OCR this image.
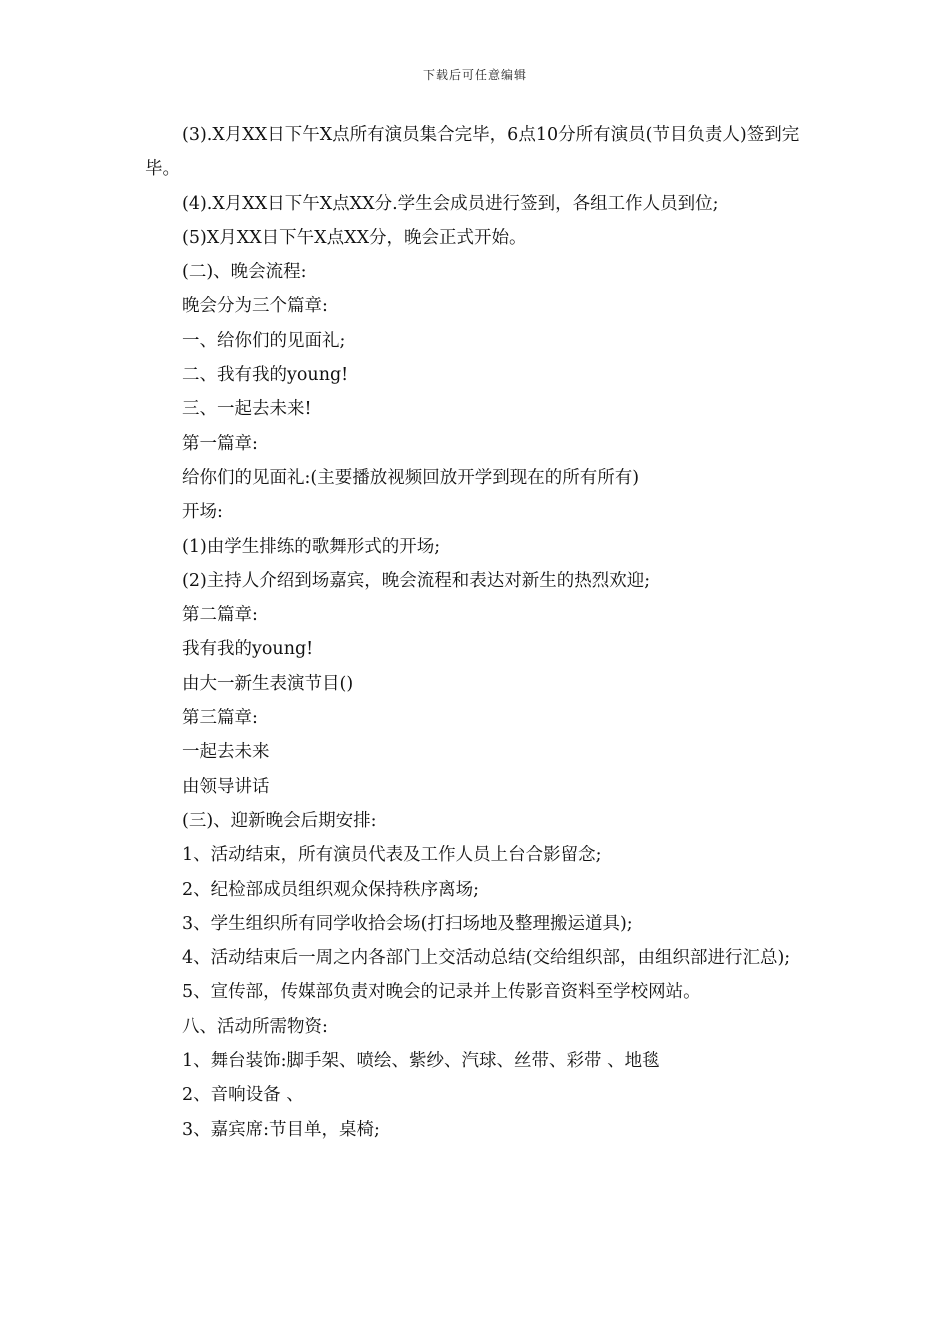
下载后可任意编辑

(3).X月XX日下午X点所有演员集合完毕，6点10分所有演员(节目负责人)签到完毕。

(4).X月XX日下午X点XX分.学生会成员进行签到，各组工作人员到位;

(5)X月XX日下午X点XX分，晚会正式开始。

(二)、晚会流程:

晚会分为三个篇章:

一、给你们的见面礼;

二、我有我的young!

三、一起去未来!

第一篇章:

给你们的见面礼:(主要播放视频回放开学到现在的所有所有)

开场:

(1)由学生排练的歌舞形式的开场;

(2)主持人介绍到场嘉宾，晚会流程和表达对新生的热烈欢迎;

第二篇章:

我有我的young!

由大一新生表演节目()

第三篇章:

一起去未来

由领导讲话

(三)、迎新晚会后期安排:

1、活动结束，所有演员代表及工作人员上台合影留念;

2、纪检部成员组织观众保持秩序离场;

3、学生组织所有同学收拾会场(打扫场地及整理搬运道具);

4、活动结束后一周之内各部门上交活动总结(交给组织部，由组织部进行汇总);

5、宣传部，传媒部负责对晚会的记录并上传影音资料至学校网站。

八、活动所需物资:

1、舞台装饰:脚手架、喷绘、紫纱、汽球、丝带、彩带 、地毯

2、音响设备 、

3、嘉宾席:节目单，桌椅;
